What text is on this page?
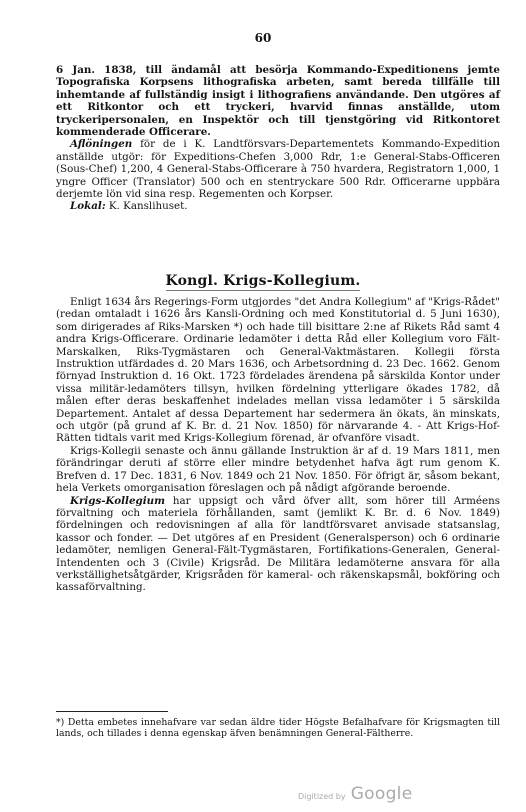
60

6 Jan. 1838, till ändamål att besörja Kommando-Expeditionens jemte Topografiska Korpsens lithografiska arbeten, samt bereda tillfälle till inhemtande af fullständig insigt i lithografiens användande. Den utgöres af ett Ritkontor och ett tryckeri, hvarvid finnas anställde, utom tryckeripersonalen, en Inspektör och till tjenstgöring vid Ritkontoret kommenderade Officerare.

Aflöningen för de i K. Landtförsvars-Departementets Kommando-Expedition anställde utgör: för Expeditions-Chefen 3,000 Rdr, 1:e General-Stabs-Officeren (Sous-Chef) 1,200, 4 General-Stabs-Officerare à 750 hvardera, Registratorn 1,000, 1 yngre Officer (Translator) 500 och en stentryckare 500 Rdr. Officerarne uppbära derjemte lön vid sina resp. Regementen och Korpser.

Lokal: K. Kanslihuset.

Kongl. Krigs-Kollegium.

Enligt 1634 års Regerings-Form utgjordes "det Andra Kollegium" af "Krigs-Rådet" (redan omtaladt i 1626 års Kansli-Ordning och med Konstitutorial d. 5 Juni 1630), som dirigerades af Riks-Marsken *) och hade till bisittare 2:ne af Rikets Råd samt 4 andra Krigs-Officerare. Ordinarie ledamöter i detta Råd eller Kollegium voro Fält-Marskalken, Riks-Tygmästaren och General-Vaktmästaren. Kollegii första Instruktion utfärdades d. 20 Mars 1636, och Arbetsordning d. 23 Dec. 1662. Genom förnyad Instruktion d. 16 Okt. 1723 fördelades ärendena på särskilda Kontor under vissa militär-ledamöters tillsyn, hvilken fördelning ytterligare ökades 1782, då målen efter deras beskaffenhet indelades mellan vissa ledamöter i 5 särskilda Departement. Antalet af dessa Departement har sedermera än ökats, än minskats, och utgör (på grund af K. Br. d. 21 Nov. 1850) för närvarande 4. - Att Krigs-Hof-Rätten tidtals varit med Krigs-Kollegium förenad, är ofvanföre visadt.

Krigs-Kollegii senaste och ännu gällande Instruktion är af d. 19 Mars 1811, men förändringar deruti af större eller mindre betydenhet hafva ägt rum genom K. Brefven d. 17 Dec. 1831, 6 Nov. 1849 och 21 Nov. 1850. För öfrigt är, såsom bekant, hela Verkets omorganisation föreslagen och på nådigt afgörande beroende.

Krigs-Kollegium har uppsigt och vård öfver allt, som hörer till Arméens förvaltning och materiela förhållanden, samt (jemlikt K. Br. d. 6 Nov. 1849) fördelningen och redovisningen af alla för landtförsvaret anvisade statsanslag, kassor och fonder. — Det utgöres af en President (Generalsperson) och 6 ordinarie ledamöter, nemligen General-Fält-Tygmästaren, Fortifikations-Generalen, General-Intendenten och 3 (Civile) Krigsråd. De Militära ledamöterne ansvara för alla verkställighetsåtgärder, Krigsråden för kameral- och räkenskapsmål, bokföring och kassaförvaltning.

*) Detta embetes innehafvare var sedan äldre tider Högste Befalhafvare för Krigsmagten till lands, och tillades i denna egenskap äfven benämningen General-Fältherre.
Digitized by Google
